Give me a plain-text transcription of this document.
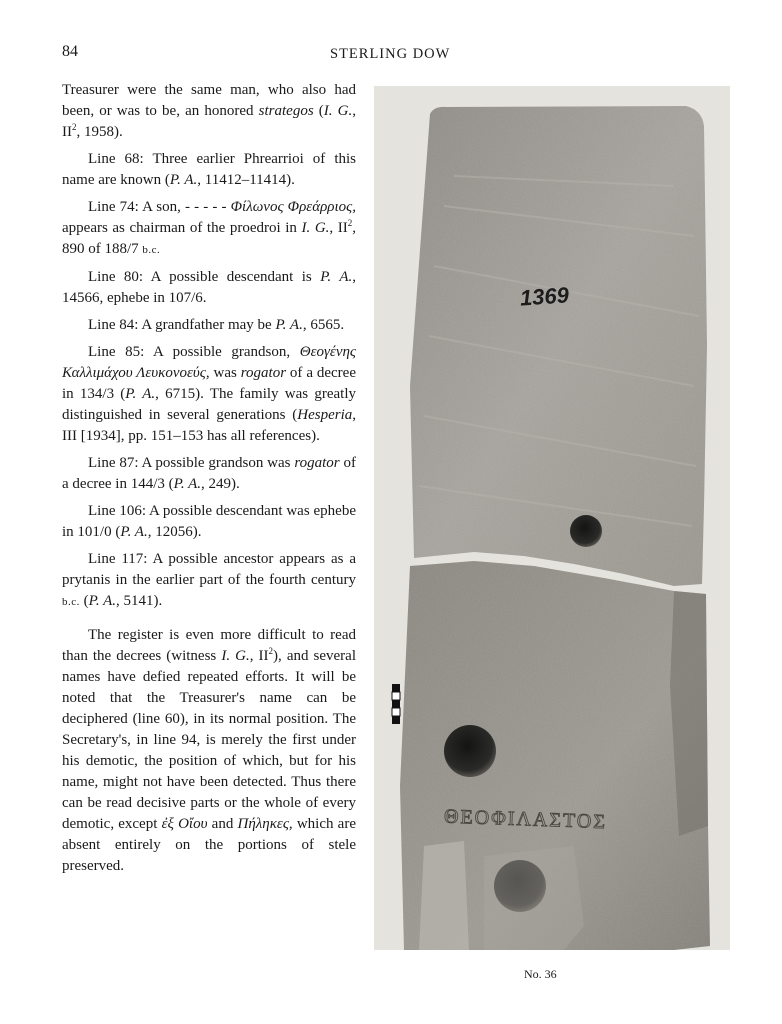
84	STERLING DOW

Treasurer were the same man, who also had been, or was to be, an honored strategos (I. G., $II^2$, 1958).

Line 68: Three earlier Phrearrioi of this name are known (P. A., 11412–11414).

Line 74: A son, - - - - - Φίλωνος Φρεάρριος, appears as chairman of the proedroi in I. G., $II^2$, 890 of 188/7 b.c.

Line 80: A possible descendant is P. A., 14566, ephebe in 107/6.

Line 84: A grandfather may be P. A., 6565.

Line 85: A possible grandson, Θεογένης Καλλιμάχου Λευκονοεύς, was rogator of a decree in 134/3 (P. A., 6715). The family was greatly distinguished in several generations (Hesperia, III [1934], pp. 151–153 has all references).

Line 87: A possible grandson was rogator of a decree in 144/3 (P. A., 249).

Line 106: A possible descendant was ephebe in 101/0 (P. A., 12056).

Line 117: A possible ancestor appears as a prytanis in the earlier part of the fourth century b.c. (P. A., 5141).

The register is even more difficult to read than the decrees (witness I. G., $II^2$), and several names have defied repeated efforts. It will be noted that the Treasurer's name can be deciphered (line 60), in its normal position. The Secretary's, in line 94, is merely the first under his demotic, the position of which, but for his name, might not have been detected. Thus there can be read decisive parts or the whole of every demotic, except ἐξ Οἴου and Πήληκες, which are absent entirely on the portions of stele preserved.

1369
ΘΕΟΦΙΛΑΣΤΟΣ
No. 36
